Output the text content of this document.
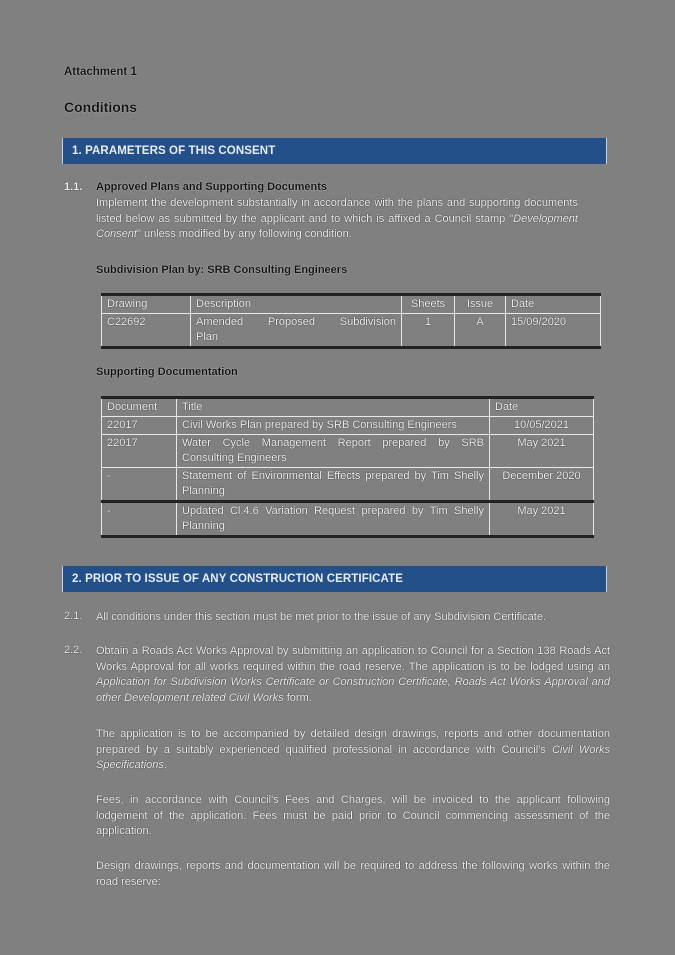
Attachment 1
Conditions
1. PARAMETERS OF THIS CONSENT
1.1. Approved Plans and Supporting Documents
Implement the development substantially in accordance with the plans and supporting documents listed below as submitted by the applicant and to which is affixed a Council stamp "Development Consent" unless modified by any following condition.
Subdivision Plan by: SRB Consulting Engineers
Drawing	Description	Sheets	Issue	Date
C22692	Amended Proposed Subdivision Plan	1	A	15/09/2020
Supporting Documentation
Document	Title	Date
22017	Civil Works Plan prepared by SRB Consulting Engineers	10/05/2021
22017	Water Cycle Management Report prepared by SRB Consulting Engineers	May 2021
-	Statement of Environmental Effects prepared by Tim Shelly Planning	December 2020
-	Updated Cl.4.6 Variation Request prepared by Tim Shelly Planning	May 2021
2. PRIOR TO ISSUE OF ANY CONSTRUCTION CERTIFICATE
2.1. All conditions under this section must be met prior to the issue of any Subdivision Certificate.
2.2. Obtain a Roads Act Works Approval by submitting an application to Council for a Section 138 Roads Act Works Approval for all works required within the road reserve. The application is to be lodged using an Application for Subdivision Works Certificate or Construction Certificate, Roads Act Works Approval and other Development related Civil Works form.
The application is to be accompanied by detailed design drawings, reports and other documentation prepared by a suitably experienced qualified professional in accordance with Council's Civil Works Specifications.
Fees, in accordance with Council's Fees and Charges, will be invoiced to the applicant following lodgement of the application. Fees must be paid prior to Council commencing assessment of the application.
Design drawings, reports and documentation will be required to address the following works within the road reserve:
